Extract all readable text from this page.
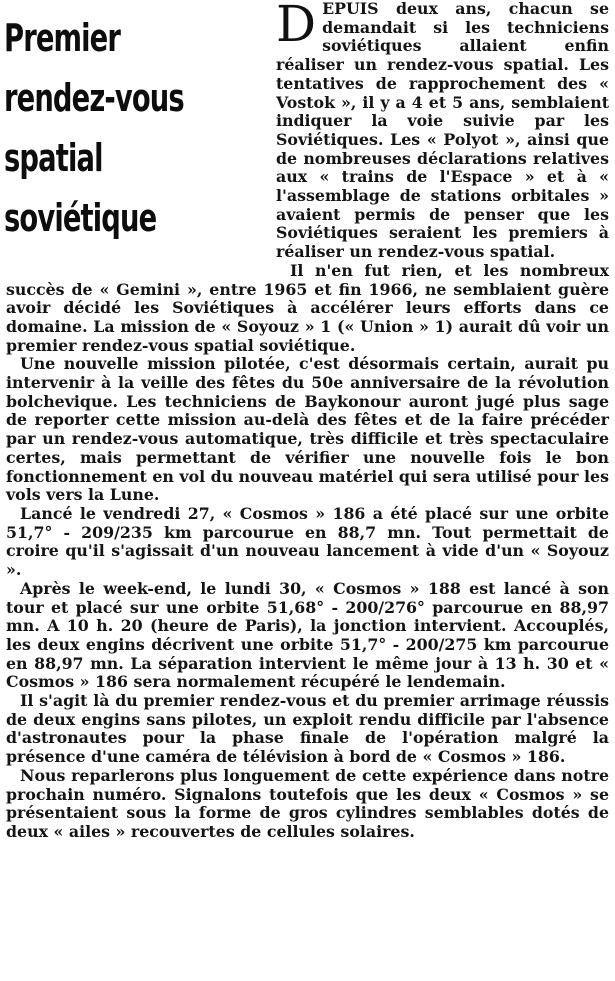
DEPUIS deux ans, chacun se demandait si les techniciens soviétiques allaient enfin réaliser un rendez-vous spatial. Les tentatives de rapprochement des « Vostok », il y a 4 et 5 ans, semblaient indiquer la voie suivie par les Soviétiques. Les « Polyot », ainsi que de nombreuses déclarations relatives aux « trains de l'Espace » et à « l'assemblage de stations orbitales » avaient permis de penser que les Soviétiques seraient les premiers à réaliser un rendez-vous spatial.

Il n'en fut rien, et les nombreux succès de « Gemini », entre 1965 et fin 1966, ne semblaient guère avoir décidé les Soviétiques à accélérer leurs efforts dans ce domaine. La mission de « Soyouz » 1 (« Union » 1) aurait dû voir un premier rendez-vous spatial soviétique.

Une nouvelle mission pilotée, c'est désormais certain, aurait pu intervenir à la veille des fêtes du 50e anniversaire de la révolution bolchevique. Les techniciens de Baykonour auront jugé plus sage de reporter cette mission au-delà des fêtes et de la faire précéder par un rendez-vous automatique, très difficile et très spectaculaire certes, mais permettant de vérifier une nouvelle fois le bon fonctionnement en vol du nouveau matériel qui sera utilisé pour les vols vers la Lune.

Lancé le vendredi 27, « Cosmos » 186 a été placé sur une orbite 51,7° - 209/235 km parcourue en 88,7 mn. Tout permettait de croire qu'il s'agissait d'un nouveau lancement à vide d'un « Soyouz ».

Après le week-end, le lundi 30, « Cosmos » 188 est lancé à son tour et placé sur une orbite 51,68° - 200/276° parcourue en 88,97 mn. A 10 h. 20 (heure de Paris), la jonction intervient. Accouplés, les deux engins décrivent une orbite 51,7° - 200/275 km parcourue en 88,97 mn. La séparation intervient le même jour à 13 h. 30 et « Cosmos » 186 sera normalement récupéré le lendemain.

Il s'agit là du premier rendez-vous et du premier arrimage réussis de deux engins sans pilotes, un exploit rendu difficile par l'absence d'astronautes pour la phase finale de l'opération malgré la présence d'une caméra de télévision à bord de « Cosmos » 186.

Nous reparlerons plus longuement de cette expérience dans notre prochain numéro. Signalons toutefois que les deux « Cosmos » se présentaient sous la forme de gros cylindres semblables dotés de deux « ailes » recouvertes de cellules solaires.

Premier
rendez-vous
spatial
soviétique
